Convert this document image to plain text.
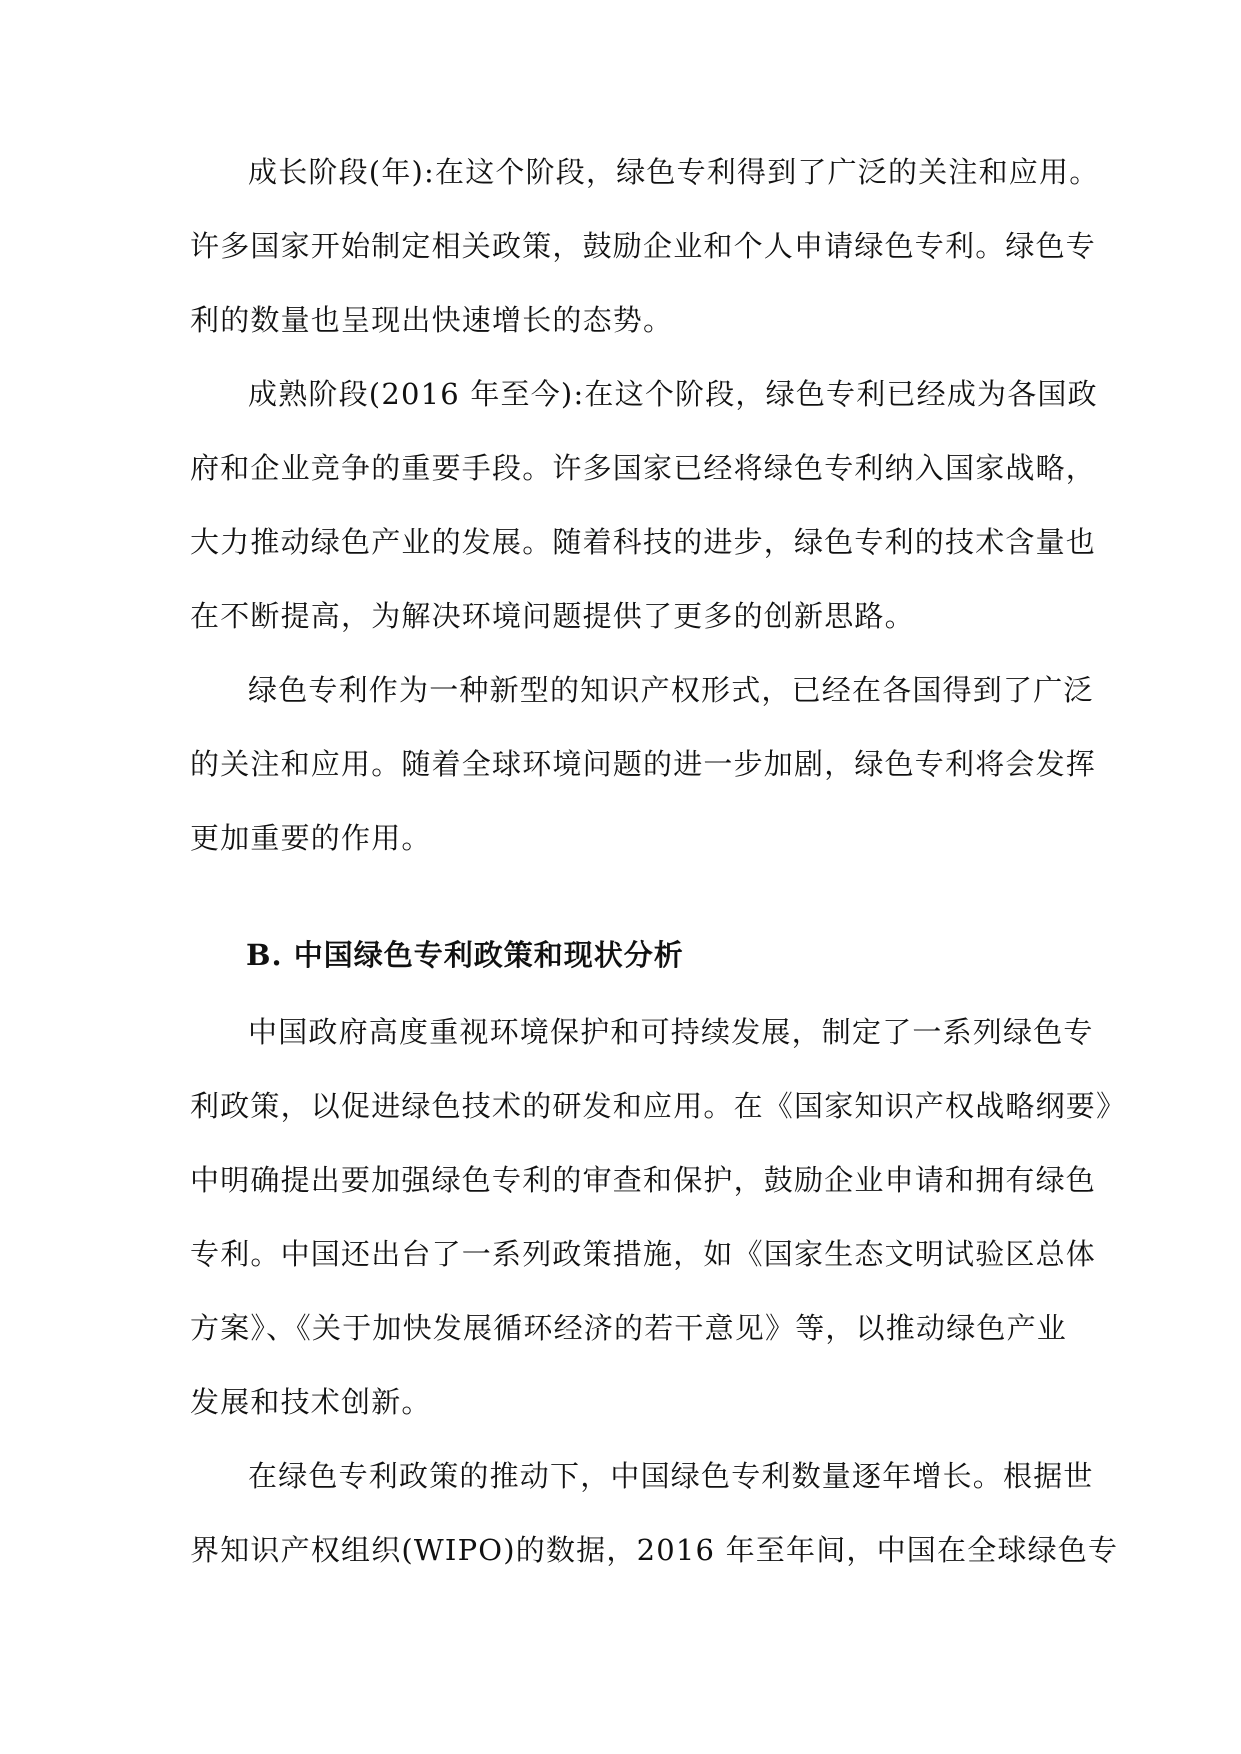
成长阶段(年):在这个阶段，绿色专利得到了广泛的关注和应用。
许多国家开始制定相关政策，鼓励企业和个人申请绿色专利。绿色专
利的数量也呈现出快速增长的态势。
成熟阶段(2016 年至今):在这个阶段，绿色专利已经成为各国政
府和企业竞争的重要手段。许多国家已经将绿色专利纳入国家战略，
大力推动绿色产业的发展。随着科技的进步，绿色专利的技术含量也
在不断提高，为解决环境问题提供了更多的创新思路。
绿色专利作为一种新型的知识产权形式，已经在各国得到了广泛
的关注和应用。随着全球环境问题的进一步加剧，绿色专利将会发挥
更加重要的作用。
B. 中国绿色专利政策和现状分析
中国政府高度重视环境保护和可持续发展，制定了一系列绿色专
利政策，以促进绿色技术的研发和应用。在《国家知识产权战略纲要》
中明确提出要加强绿色专利的审查和保护，鼓励企业申请和拥有绿色
专利。中国还出台了一系列政策措施，如《国家生态文明试验区总体
方案》、《关于加快发展循环经济的若干意见》等，以推动绿色产业
发展和技术创新。
在绿色专利政策的推动下，中国绿色专利数量逐年增长。根据世
界知识产权组织(WIPO)的数据，2016 年至年间，中国在全球绿色专
